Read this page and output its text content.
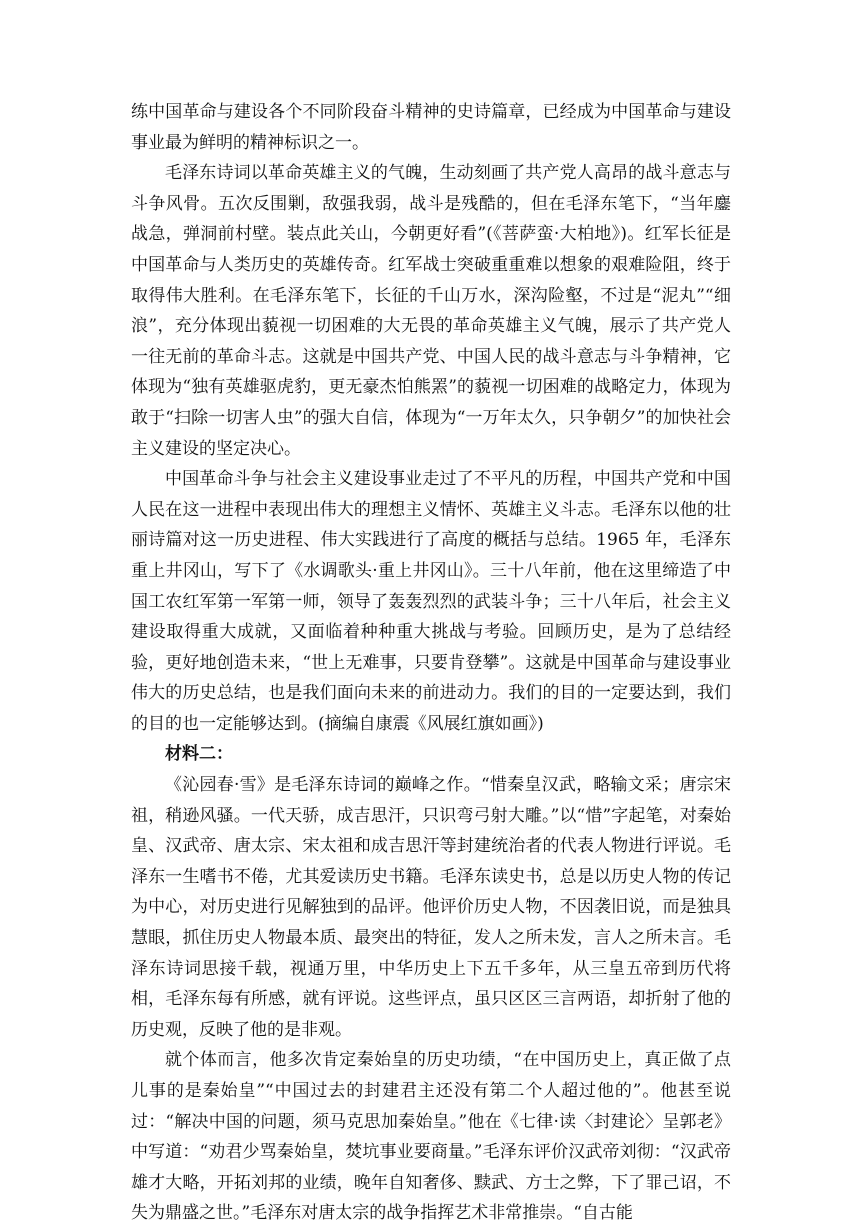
练中国革命与建设各个不同阶段奋斗精神的史诗篇章，已经成为中国革命与建设事业最为鲜明的精神标识之一。

毛泽东诗词以革命英雄主义的气魄，生动刻画了共产党人高昂的战斗意志与斗争风骨。五次反围剿，敌强我弱，战斗是残酷的，但在毛泽东笔下，“当年鏖战急，弹洞前村壁。装点此关山，今朝更好看”(《菩萨蛮·大柏地》)。红军长征是中国革命与人类历史的英雄传奇。红军战士突破重重难以想象的艰难险阻，终于取得伟大胜利。在毛泽东笔下，长征的千山万水，深沟险壑，不过是“泥丸”“细浪”，充分体现出藐视一切困难的大无畏的革命英雄主义气魄，展示了共产党人一往无前的革命斗志。这就是中国共产党、中国人民的战斗意志与斗争精神，它体现为“独有英雄驱虎豹，更无豪杰怕熊罴”的藐视一切困难的战略定力，体现为敢于“扫除一切害人虫”的强大自信，体现为“一万年太久，只争朝夕”的加快社会主义建设的坚定决心。

中国革命斗争与社会主义建设事业走过了不平凡的历程，中国共产党和中国人民在这一进程中表现出伟大的理想主义情怀、英雄主义斗志。毛泽东以他的壮丽诗篇对这一历史进程、伟大实践进行了高度的概括与总结。1965 年，毛泽东重上井冈山，写下了《水调歌头·重上井冈山》。三十八年前，他在这里缔造了中国工农红军第一军第一师，领导了轰轰烈烈的武装斗争；三十八年后，社会主义建设取得重大成就，又面临着种种重大挑战与考验。回顾历史，是为了总结经验，更好地创造未来，“世上无难事，只要肯登攀”。这就是中国革命与建设事业伟大的历史总结，也是我们面向未来的前进动力。我们的目的一定要达到，我们的目的也一定能够达到。(摘编自康震《风展红旗如画》)

材料二：

《沁园春·雪》是毛泽东诗词的巅峰之作。“惜秦皇汉武，略输文采；唐宗宋祖，稍逊风骚。一代天骄，成吉思汗，只识弯弓射大雕。”以“惜”字起笔，对秦始皇、汉武帝、唐太宗、宋太祖和成吉思汗等封建统治者的代表人物进行评说。毛泽东一生嗜书不倦，尤其爱读历史书籍。毛泽东读史书，总是以历史人物的传记为中心，对历史进行见解独到的品评。他评价历史人物，不因袭旧说，而是独具慧眼，抓住历史人物最本质、最突出的特征，发人之所未发，言人之所未言。毛泽东诗词思接千载，视通万里，中华历史上下五千多年，从三皇五帝到历代将相，毛泽东每有所感，就有评说。这些评点，虽只区区三言两语，却折射了他的历史观，反映了他的是非观。

就个体而言，他多次肯定秦始皇的历史功绩，“在中国历史上，真正做了点儿事的是秦始皇”“中国过去的封建君主还没有第二个人超过他的”。他甚至说过：“解决中国的问题，须马克思加秦始皇。”他在《七律·读〈封建论〉呈郭老》中写道：“劝君少骂秦始皇，焚坑事业要商量。”毛泽东评价汉武帝刘彻：“汉武帝雄才大略，开拓刘邦的业绩，晚年自知奢侈、黩武、方士之弊，下了罪己诏，不失为鼎盛之世。”毛泽东对唐太宗的战争指挥艺术非常推崇。“自古能
